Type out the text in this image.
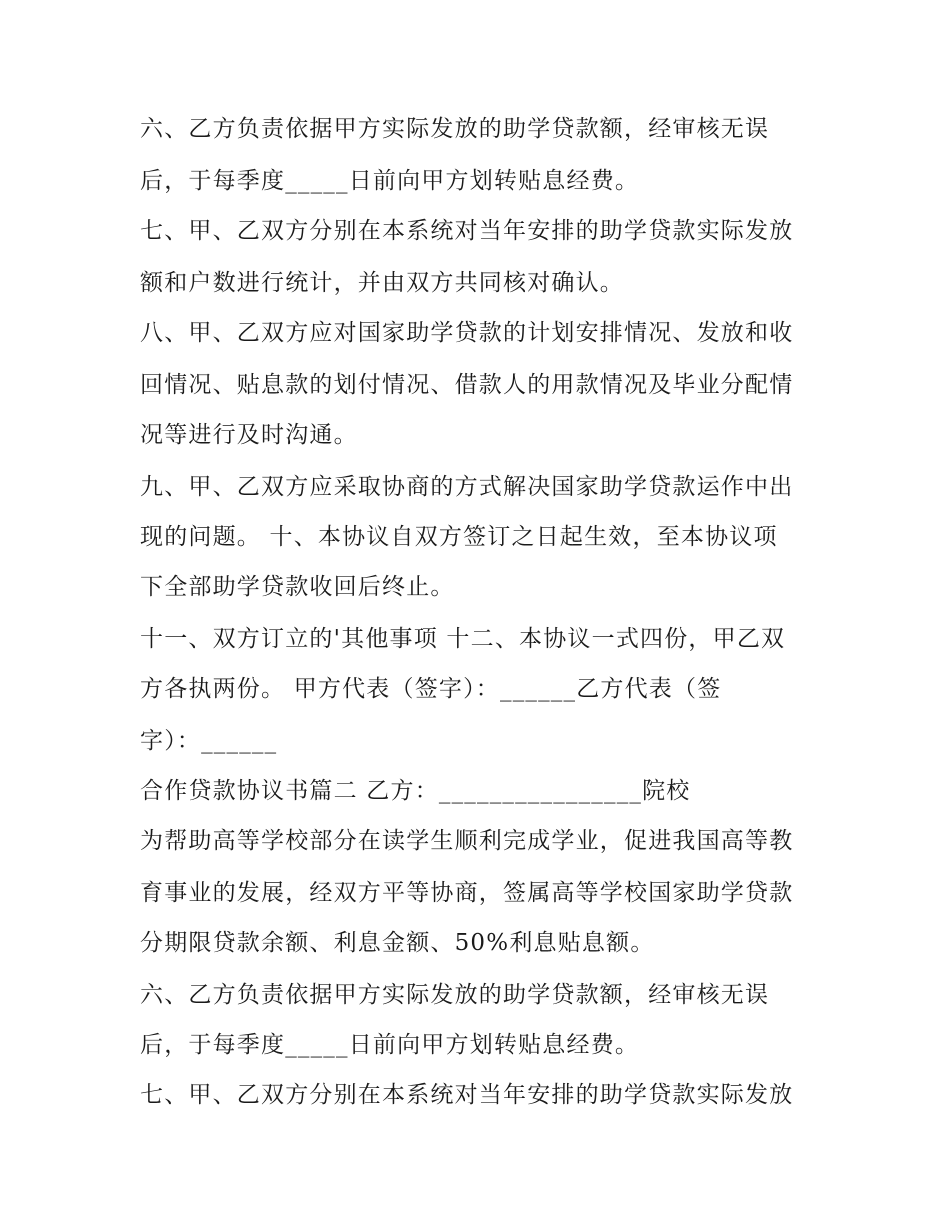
六、乙方负责依据甲方实际发放的助学贷款额，经审核无误

后，于每季度_____日前向甲方划转贴息经费。

七、甲、乙双方分别在本系统对当年安排的助学贷款实际发放

额和户数进行统计，并由双方共同核对确认。

八、甲、乙双方应对国家助学贷款的计划安排情况、发放和收

回情况、贴息款的划付情况、借款人的用款情况及毕业分配情

况等进行及时沟通。

九、甲、乙双方应采取协商的方式解决国家助学贷款运作中出

现的问题。 十、本协议自双方签订之日起生效，至本协议项

下全部助学贷款收回后终止。

十一、双方订立的'其他事项 十二、本协议一式四份，甲乙双

方各执两份。 甲方代表（签字）：______乙方代表（签

字）：______

合作贷款协议书篇二 乙方：________________院校

为帮助高等学校部分在读学生顺利完成学业，促进我国高等教

育事业的发展，经双方平等协商，签属高等学校国家助学贷款

分期限贷款余额、利息金额、50%利息贴息额。

六、乙方负责依据甲方实际发放的助学贷款额，经审核无误

后，于每季度_____日前向甲方划转贴息经费。

七、甲、乙双方分别在本系统对当年安排的助学贷款实际发放
